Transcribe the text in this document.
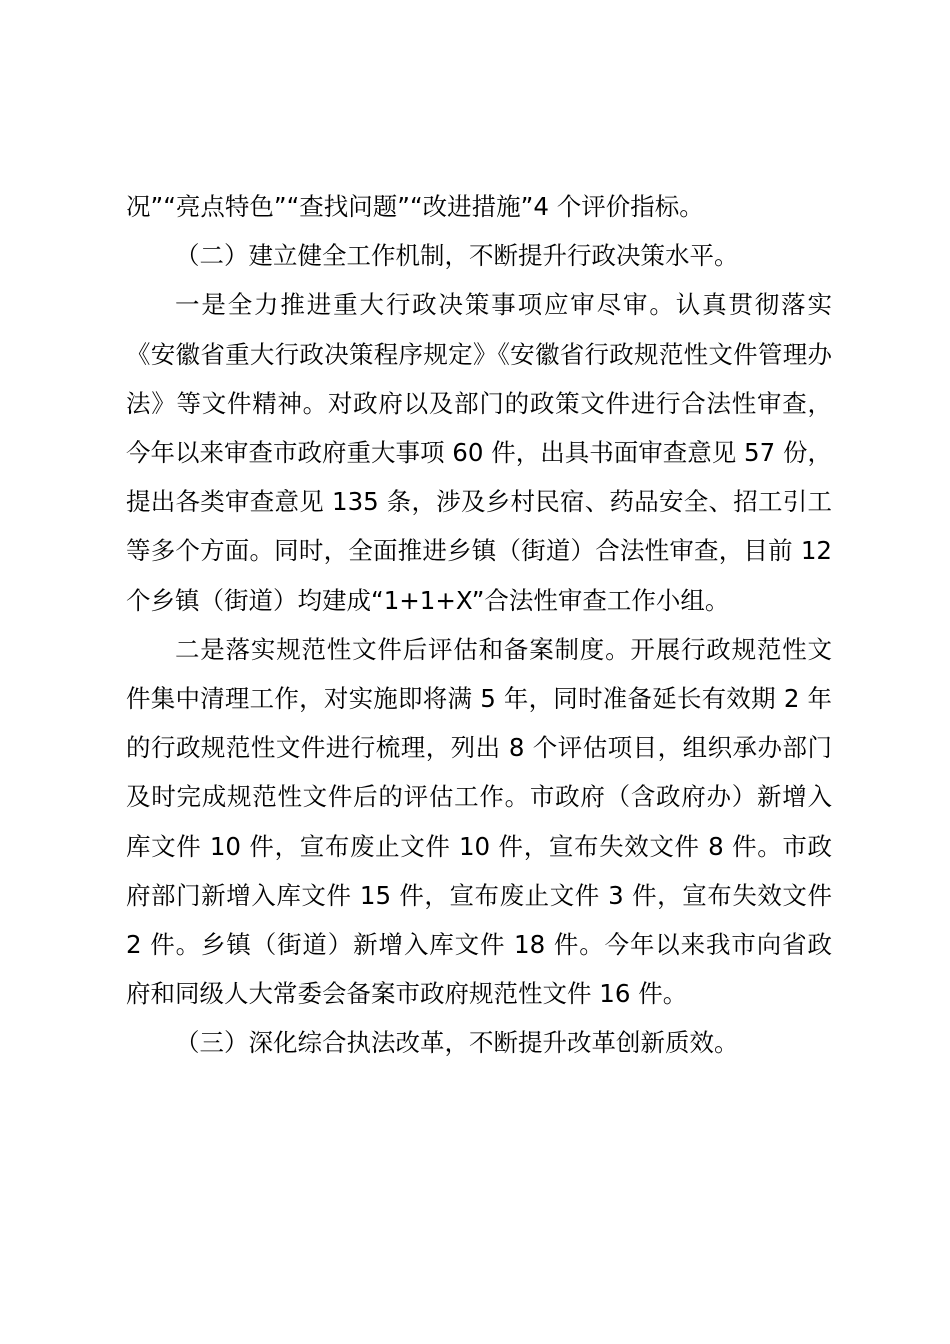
况”“亮点特色”“查找问题”“改进措施”4 个评价指标。

（二）建立健全工作机制，不断提升行政决策水平。

一是全力推进重大行政决策事项应审尽审。认真贯彻落实《安徽省重大行政决策程序规定》《安徽省行政规范性文件管理办法》等文件精神。对政府以及部门的政策文件进行合法性审查，今年以来审查市政府重大事项 60 件，出具书面审查意见 57 份，提出各类审查意见 135 条，涉及乡村民宿、药品安全、招工引工等多个方面。同时，全面推进乡镇（街道）合法性审查，目前 12 个乡镇（街道）均建成“1+1+X”合法性审查工作小组。

二是落实规范性文件后评估和备案制度。开展行政规范性文件集中清理工作，对实施即将满 5 年，同时准备延长有效期 2 年的行政规范性文件进行梳理，列出 8 个评估项目，组织承办部门及时完成规范性文件后的评估工作。市政府（含政府办）新增入库文件 10 件，宣布废止文件 10 件，宣布失效文件 8 件。市政府部门新增入库文件 15 件，宣布废止文件 3 件，宣布失效文件 2 件。乡镇（街道）新增入库文件 18 件。今年以来我市向省政府和同级人大常委会备案市政府规范性文件 16 件。

（三）深化综合执法改革，不断提升改革创新质效。
